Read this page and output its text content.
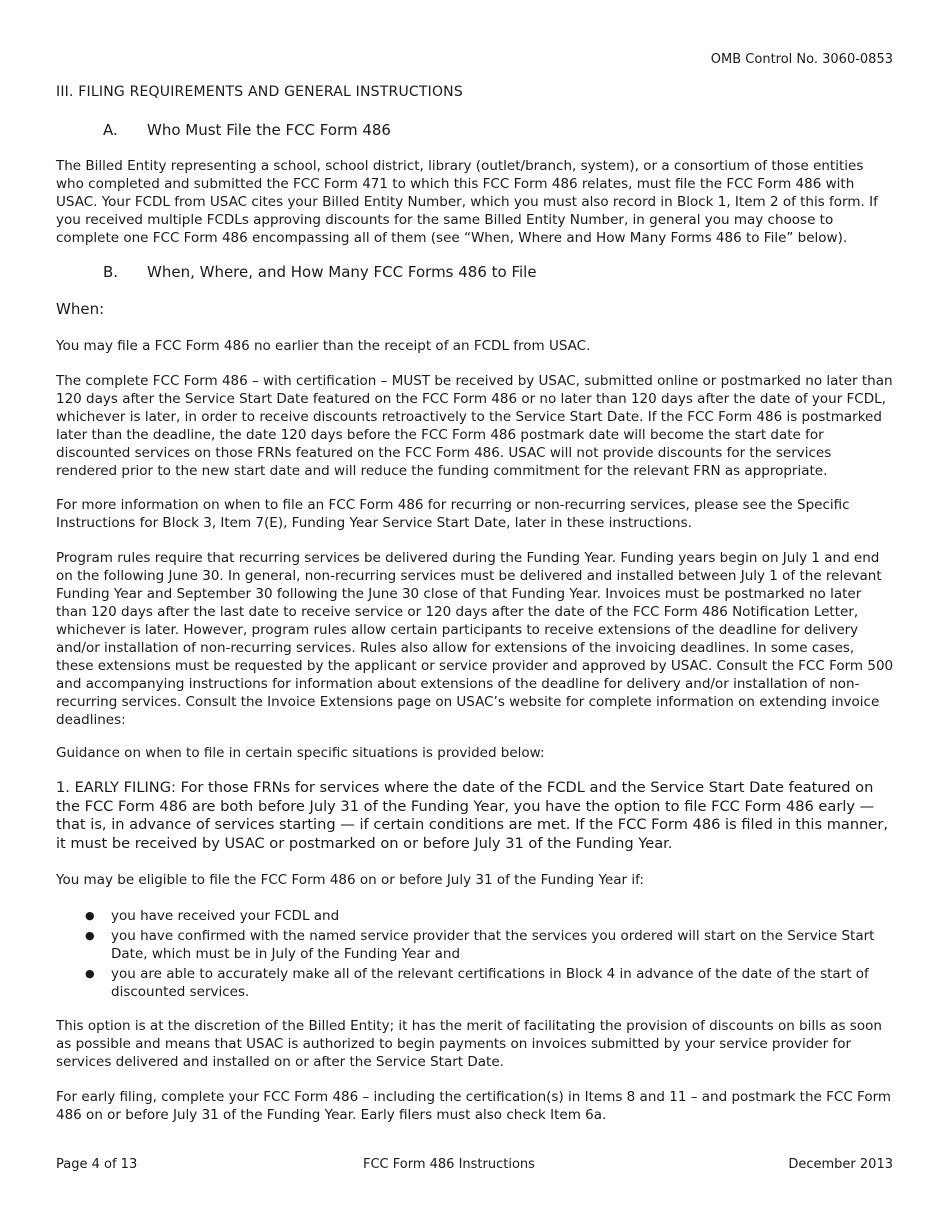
OMB Control No. 3060-0853
III. FILING REQUIREMENTS AND GENERAL INSTRUCTIONS
A. Who Must File the FCC Form 486

The Billed Entity representing a school, school district, library (outlet/branch, system), or a consortium of those entities who completed and submitted the FCC Form 471 to which this FCC Form 486 relates, must file the FCC Form 486 with USAC. Your FCDL from USAC cites your Billed Entity Number, which you must also record in Block 1, Item 2 of this form. If you received multiple FCDLs approving discounts for the same Billed Entity Number, in general you may choose to complete one FCC Form 486 encompassing all of them (see “When, Where and How Many Forms 486 to File” below).

B. When, Where, and How Many FCC Forms 486 to File

When:

You may file a FCC Form 486 no earlier than the receipt of an FCDL from USAC.

The complete FCC Form 486 – with certification – MUST be received by USAC, submitted online or postmarked no later than 120 days after the Service Start Date featured on the FCC Form 486 or no later than 120 days after the date of your FCDL, whichever is later, in order to receive discounts retroactively to the Service Start Date. If the FCC Form 486 is postmarked later than the deadline, the date 120 days before the FCC Form 486 postmark date will become the start date for discounted services on those FRNs featured on the FCC Form 486. USAC will not provide discounts for the services rendered prior to the new start date and will reduce the funding commitment for the relevant FRN as appropriate.

For more information on when to file an FCC Form 486 for recurring or non-recurring services, please see the Specific Instructions for Block 3, Item 7(E), Funding Year Service Start Date, later in these instructions.

Program rules require that recurring services be delivered during the Funding Year. Funding years begin on July 1 and end on the following June 30. In general, non-recurring services must be delivered and installed between July 1 of the relevant Funding Year and September 30 following the June 30 close of that Funding Year. Invoices must be postmarked no later than 120 days after the last date to receive service or 120 days after the date of the FCC Form 486 Notification Letter, whichever is later. However, program rules allow certain participants to receive extensions of the deadline for delivery and/or installation of non-recurring services. Rules also allow for extensions of the invoicing deadlines. In some cases, these extensions must be requested by the applicant or service provider and approved by USAC. Consult the FCC Form 500 and accompanying instructions for information about extensions of the deadline for delivery and/or installation of non-recurring services. Consult the Invoice Extensions page on USAC’s website for complete information on extending invoice deadlines:

Guidance on when to file in certain specific situations is provided below:

1. EARLY FILING: For those FRNs for services where the date of the FCDL and the Service Start Date featured on the FCC Form 486 are both before July 31 of the Funding Year, you have the option to file FCC Form 486 early — that is, in advance of services starting — if certain conditions are met. If the FCC Form 486 is filed in this manner, it must be received by USAC or postmarked on or before July 31 of the Funding Year.

You may be eligible to file the FCC Form 486 on or before July 31 of the Funding Year if:

● you have received your FCDL and
● you have confirmed with the named service provider that the services you ordered will start on the Service Start Date, which must be in July of the Funding Year and
● you are able to accurately make all of the relevant certifications in Block 4 in advance of the date of the start of discounted services.

This option is at the discretion of the Billed Entity; it has the merit of facilitating the provision of discounts on bills as soon as possible and means that USAC is authorized to begin payments on invoices submitted by your service provider for services delivered and installed on or after the Service Start Date.

For early filing, complete your FCC Form 486 – including the certification(s) in Items 8 and 11 – and postmark the FCC Form 486 on or before July 31 of the Funding Year. Early filers must also check Item 6a.

Page 4 of 13	FCC Form 486 Instructions	December 2013
